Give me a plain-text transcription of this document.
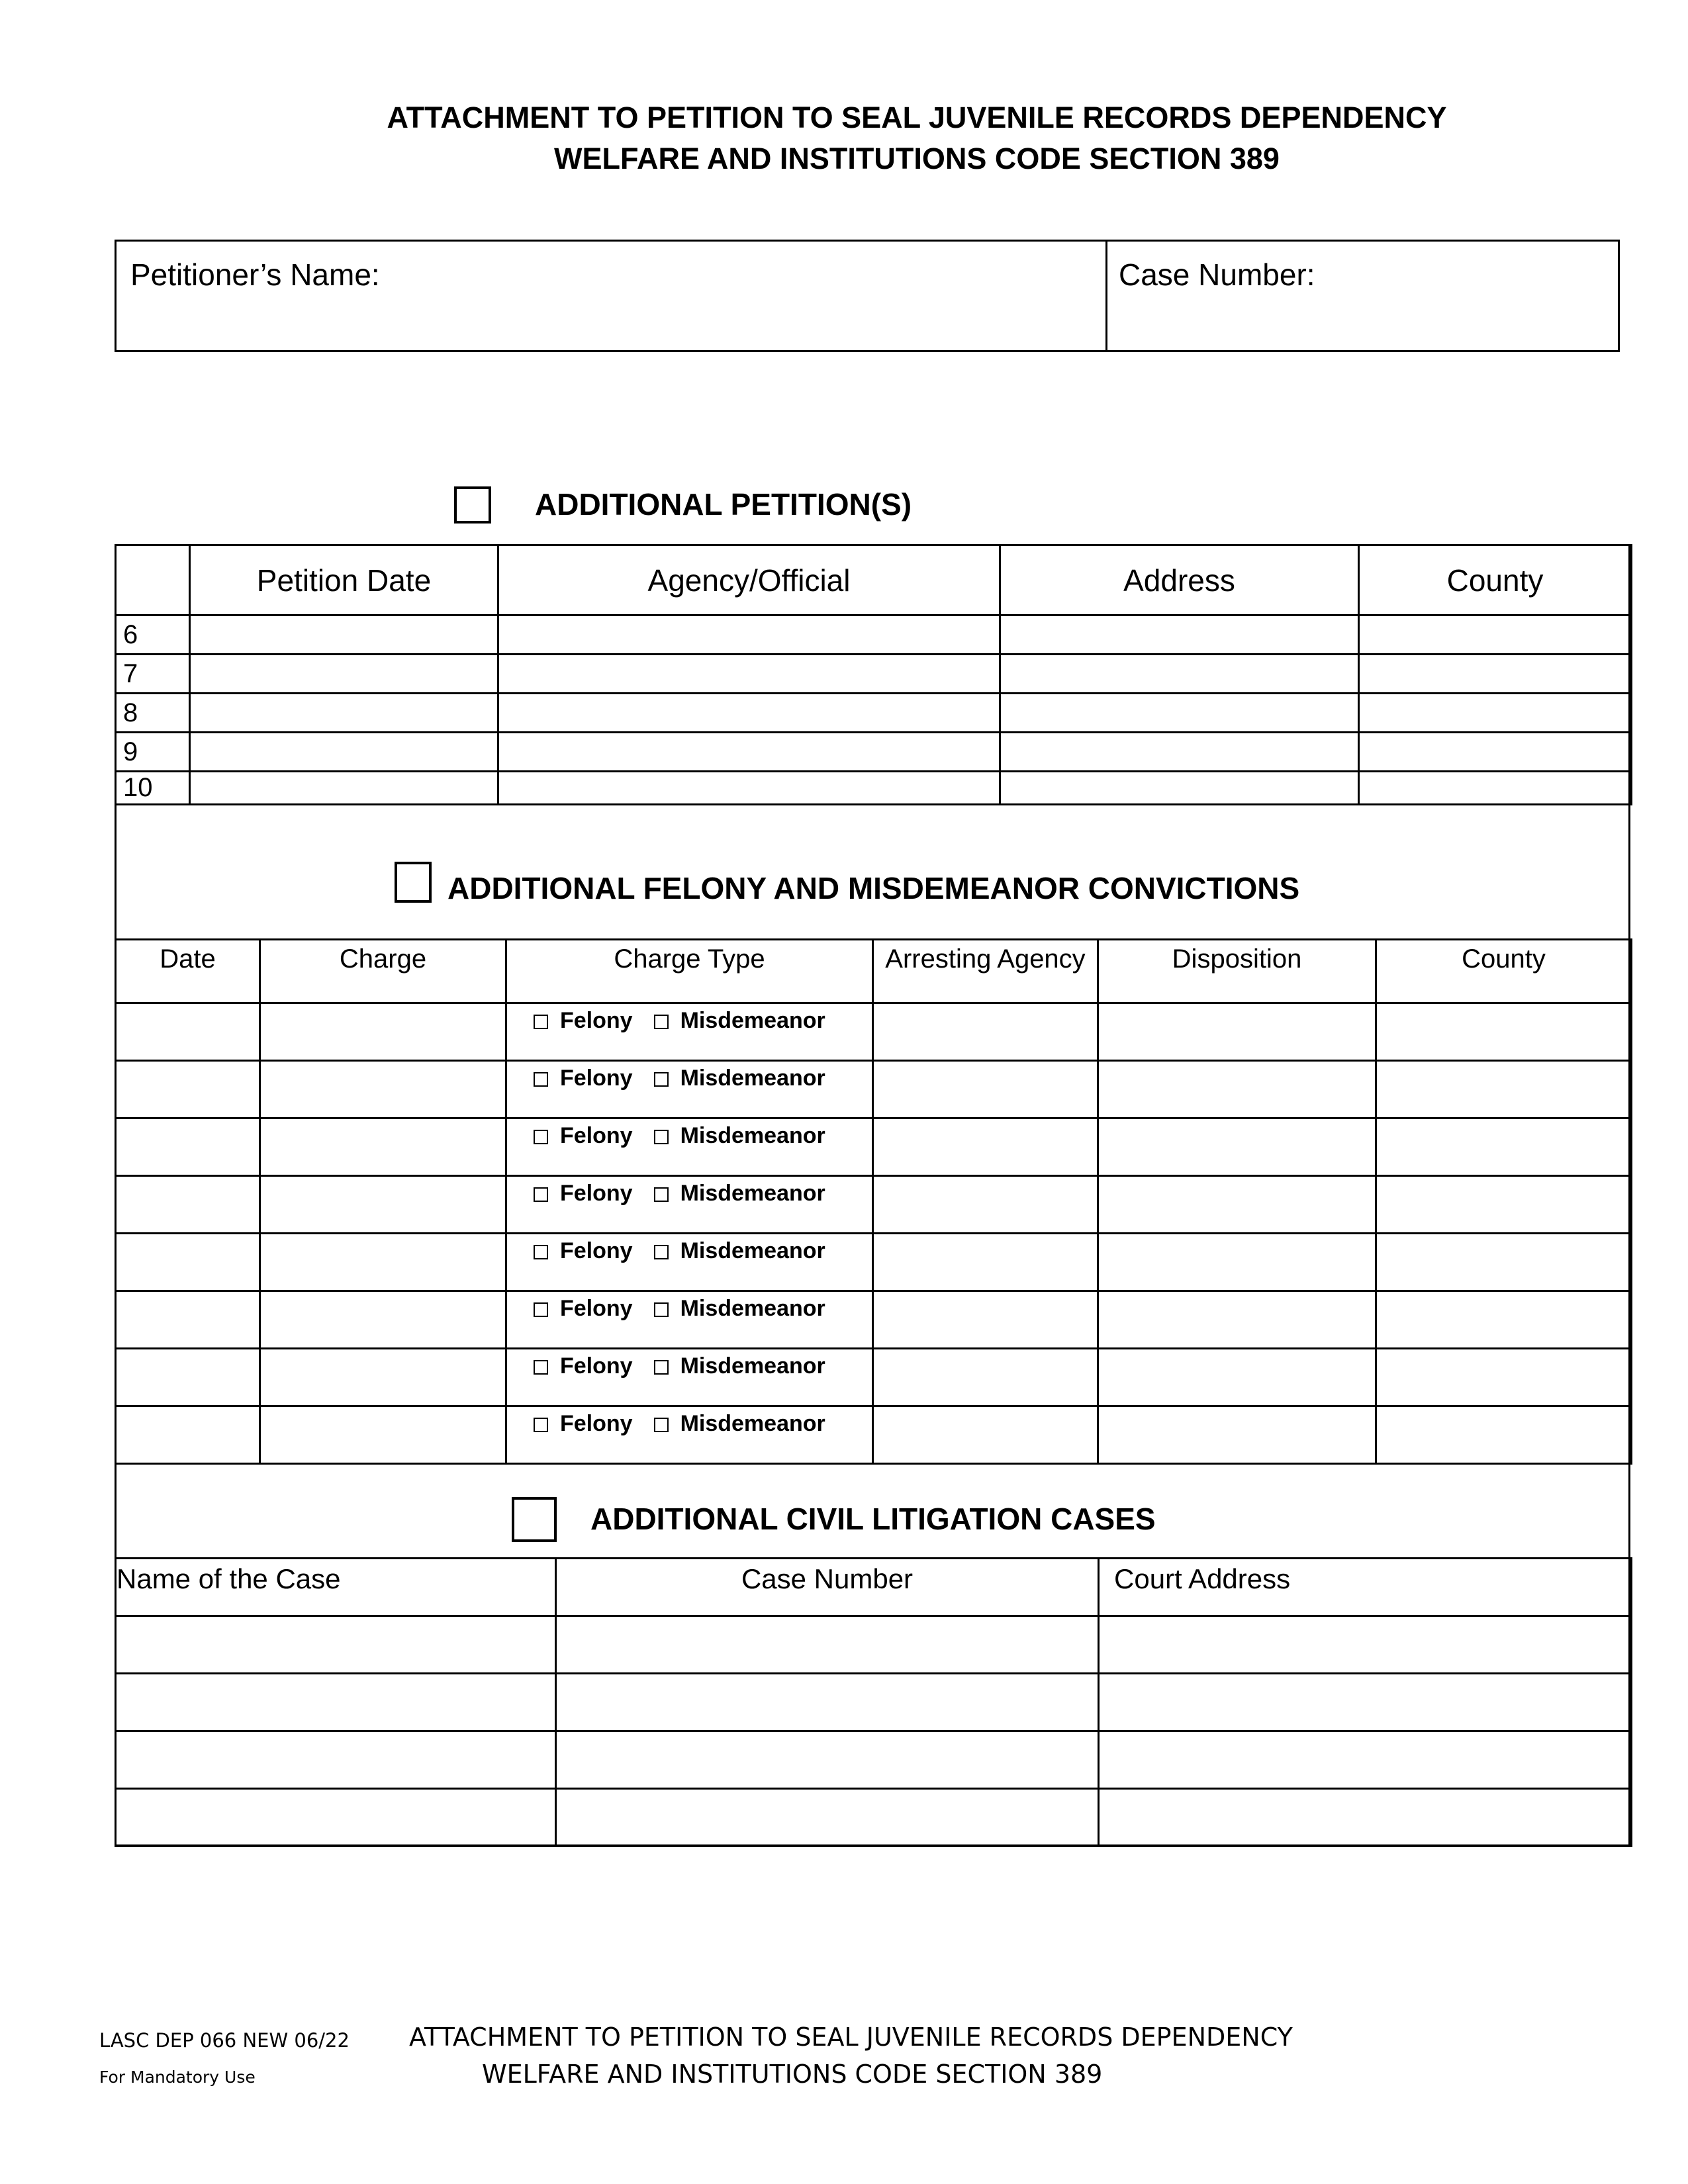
ATTACHMENT TO PETITION TO SEAL JUVENILE RECORDS DEPENDENCY
WELFARE AND INSTITUTIONS CODE SECTION 389
Petitioner’s Name:	Case Number:
ADDITIONAL PETITION(S)
	Petition Date	Agency/Official	Address	County
6				
7				
8				
9				
10				
ADDITIONAL FELONY AND MISDEMEANOR CONVICTIONS
Date	Charge	Charge Type	Arresting Agency	Disposition	County
		Felony Misdemeanor			
		Felony Misdemeanor			
		Felony Misdemeanor			
		Felony Misdemeanor			
		Felony Misdemeanor			
		Felony Misdemeanor			
		Felony Misdemeanor			
		Felony Misdemeanor			
ADDITIONAL CIVIL LITIGATION CASES
Name of the Case	Case Number	Court Address

LASC DEP 066 NEW 06/22
For Mandatory Use
ATTACHMENT TO PETITION TO SEAL JUVENILE RECORDS DEPENDENCY
WELFARE AND INSTITUTIONS CODE SECTION 389
